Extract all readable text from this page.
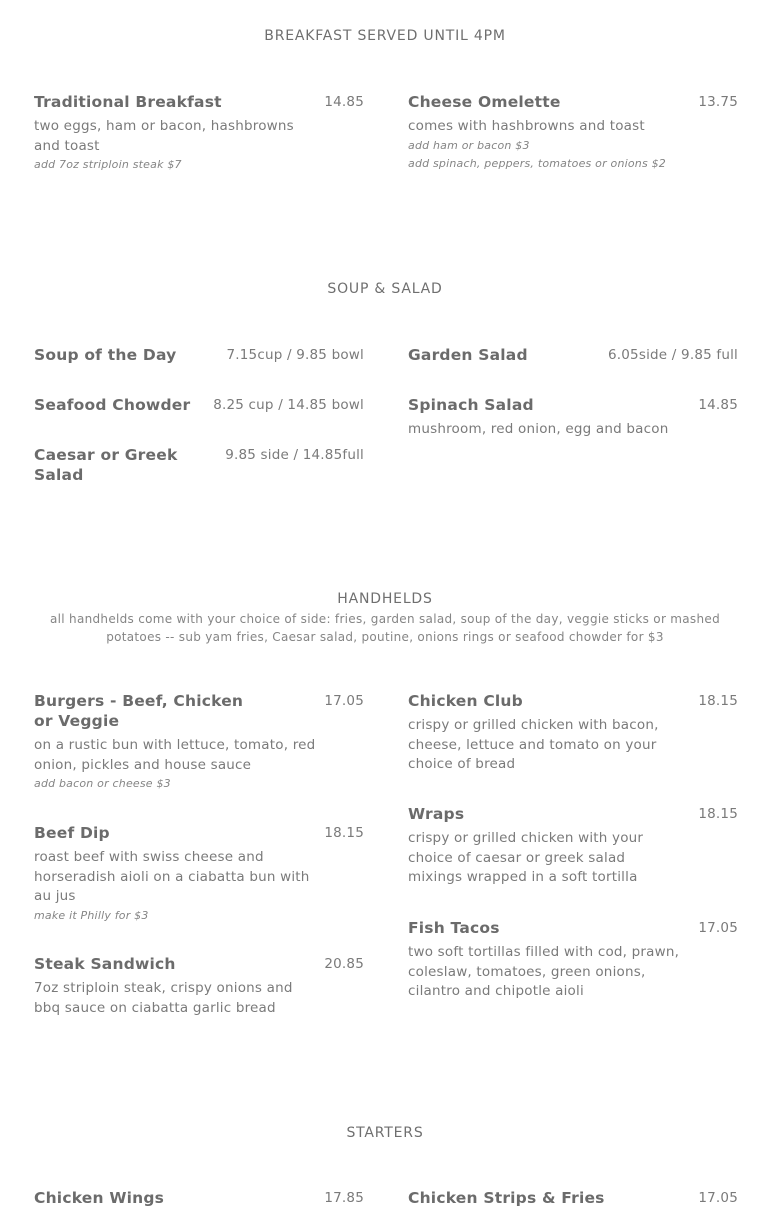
BREAKFAST SERVED UNTIL 4PM
Traditional Breakfast	14.85
two eggs, ham or bacon, hashbrowns and toast
add 7oz striploin steak $7
Cheese Omelette	13.75
comes with hashbrowns and toast
add ham or bacon $3
add spinach, peppers, tomatoes or onions $2
SOUP & SALAD
Soup of the Day	7.15cup / 9.85 bowl	Garden Salad	6.05side / 9.85 full
Seafood Chowder 8.25 cup / 14.85 bowl	Spinach Salad	14.85
mushroom, red onion, egg and bacon
Caesar or Greek Salad
9.85 side / 14.85full
HANDHELDS
all handhelds come with your choice of side: fries, garden salad, soup of the day, veggie sticks or mashed potatoes -- sub yam fries, Caesar salad, poutine, onions rings or seafood chowder for $3
Burgers - Beef, Chicken or Veggie
17.05
on a rustic bun with lettuce, tomato, red onion, pickles and house sauce
add bacon or cheese $3
Chicken Club	18.15
crispy or grilled chicken with bacon, cheese, lettuce and tomato on your choice of bread
Beef Dip	18.15
roast beef with swiss cheese and horseradish aioli on a ciabatta bun with au jus
make it Philly for $3
Wraps	18.15
crispy or grilled chicken with your choice of caesar or greek salad mixings wrapped in a soft tortilla
Steak Sandwich	20.85
7oz striploin steak, crispy onions and bbq sauce on ciabatta garlic bread
Fish Tacos	17.05
two soft tortillas filled with cod, prawn, coleslaw, tomatoes, green onions, cilantro and chipotle aioli
STARTERS
Chicken Wings	17.85	Chicken Strips & Fries	17.05
